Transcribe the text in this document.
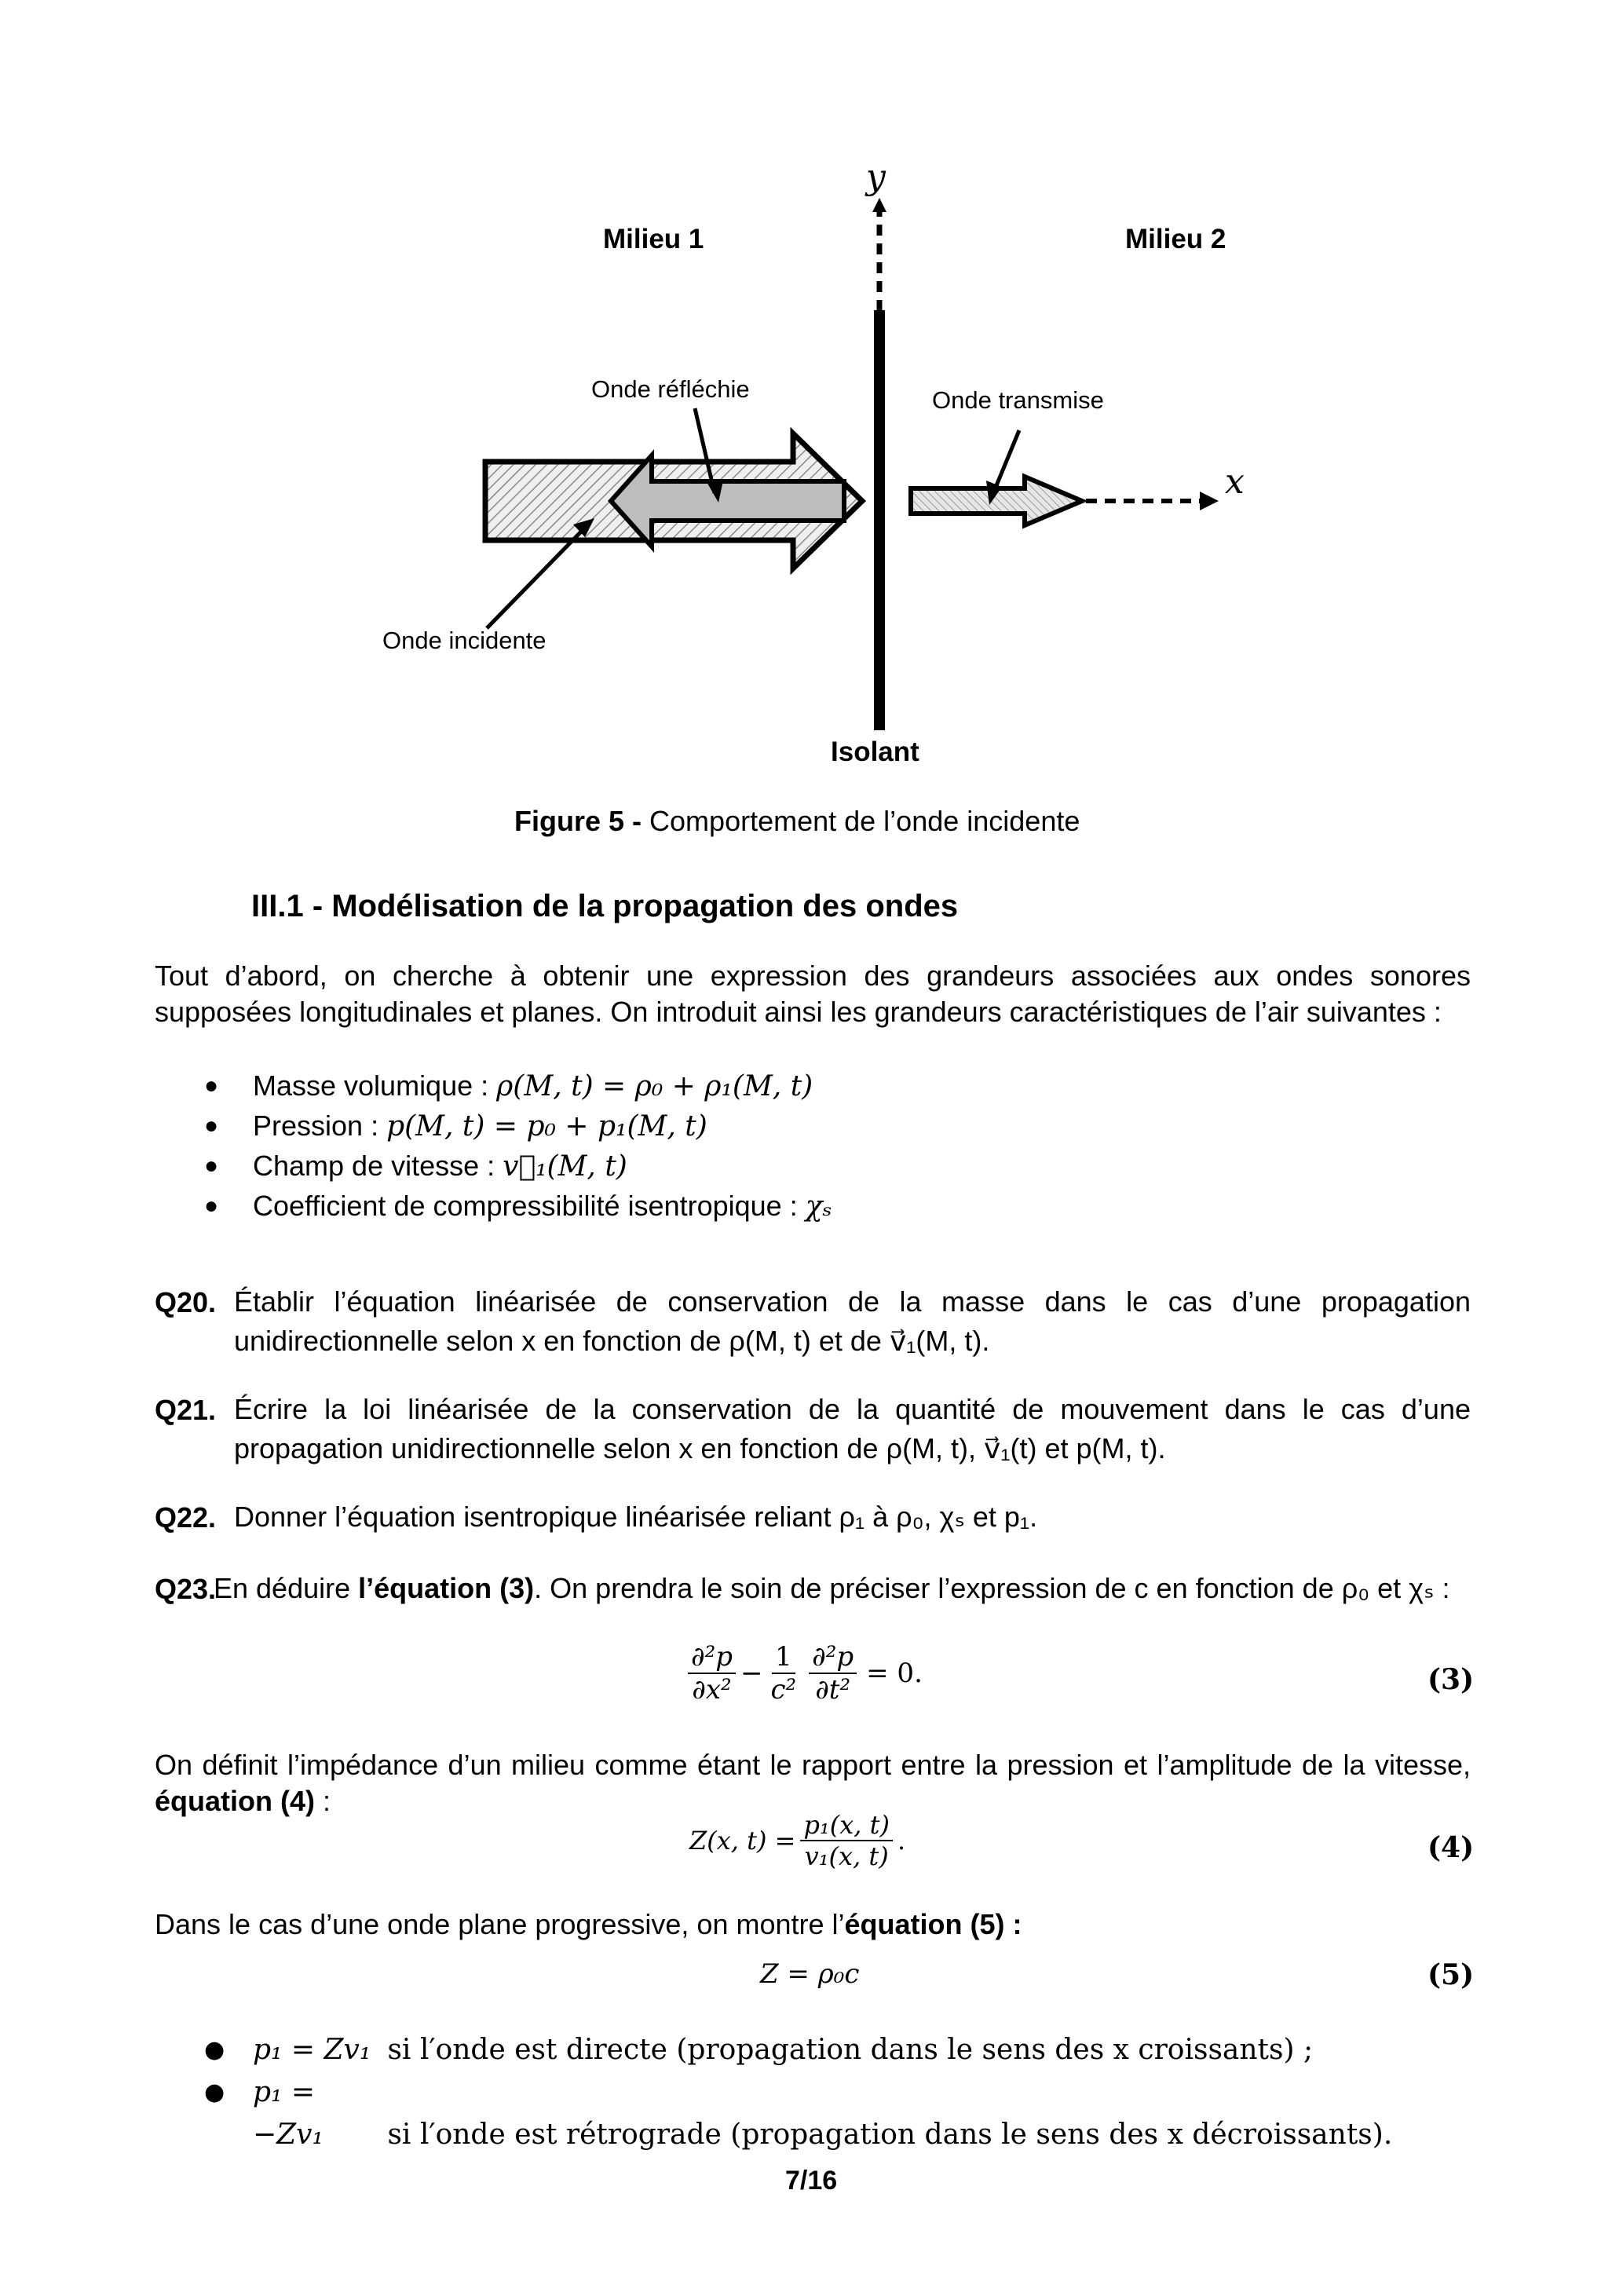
y
x
Milieu 1	Milieu 2
Onde réfléchie	Onde transmise
Onde incidente
Isolant
Figure 5 - Comportement de l’onde incidente
III.1 - Modélisation de la propagation des ondes
Tout d’abord, on cherche à obtenir une expression des grandeurs associées aux ondes sonores supposées longitudinales et planes. On introduit ainsi les grandeurs caractéristiques de l’air suivantes :
● Masse volumique : ρ(M, t) = ρ₀ + ρ₁(M, t)
● Pression : p(M, t) = p₀ + p₁(M, t)
● Champ de vitesse : v⃗₁(M, t)
● Coefficient de compressibilité isentropique : χₛ
Q20. Établir l’équation linéarisée de conservation de la masse dans le cas d’une propagation unidirectionnelle selon x en fonction de ρ(M, t) et de v⃗₁(M, t).
Q21. Écrire la loi linéarisée de la conservation de la quantité de mouvement dans le cas d’une propagation unidirectionnelle selon x en fonction de ρ(M, t), v⃗₁(t) et p(M, t).
Q22. Donner l’équation isentropique linéarisée reliant ρ₁ à ρ₀, χₛ et p₁.
Q23.
En déduire l’équation (3). On prendra le soin de préciser l’expression de c en fonction de ρ₀ et χₛ :
$\frac{\text{∂²p}}{\text{∂x²}} - \frac{1}{\text{c²}} \frac{\text{∂²p}}{\text{∂t²}} = 0$.	(3)
On définit l’impédance d’un milieu comme étant le rapport entre la pression et l’amplitude de la vitesse, équation (4) :
Z(x, $t) = \frac{\text{p₁(x, t)}}{\text{v₁(x, t)}}$ .	(4)
Dans le cas d’une onde plane progressive, on montre l’équation (5) :
Z = ρ₀c	(5)
● p₁ = Zv₁ si l′onde est directe (propagation dans le sens des x croissants) ;
● p₁ = −Zv₁ si l′onde est rétrograde (propagation dans le sens des x décroissants).
7/16
